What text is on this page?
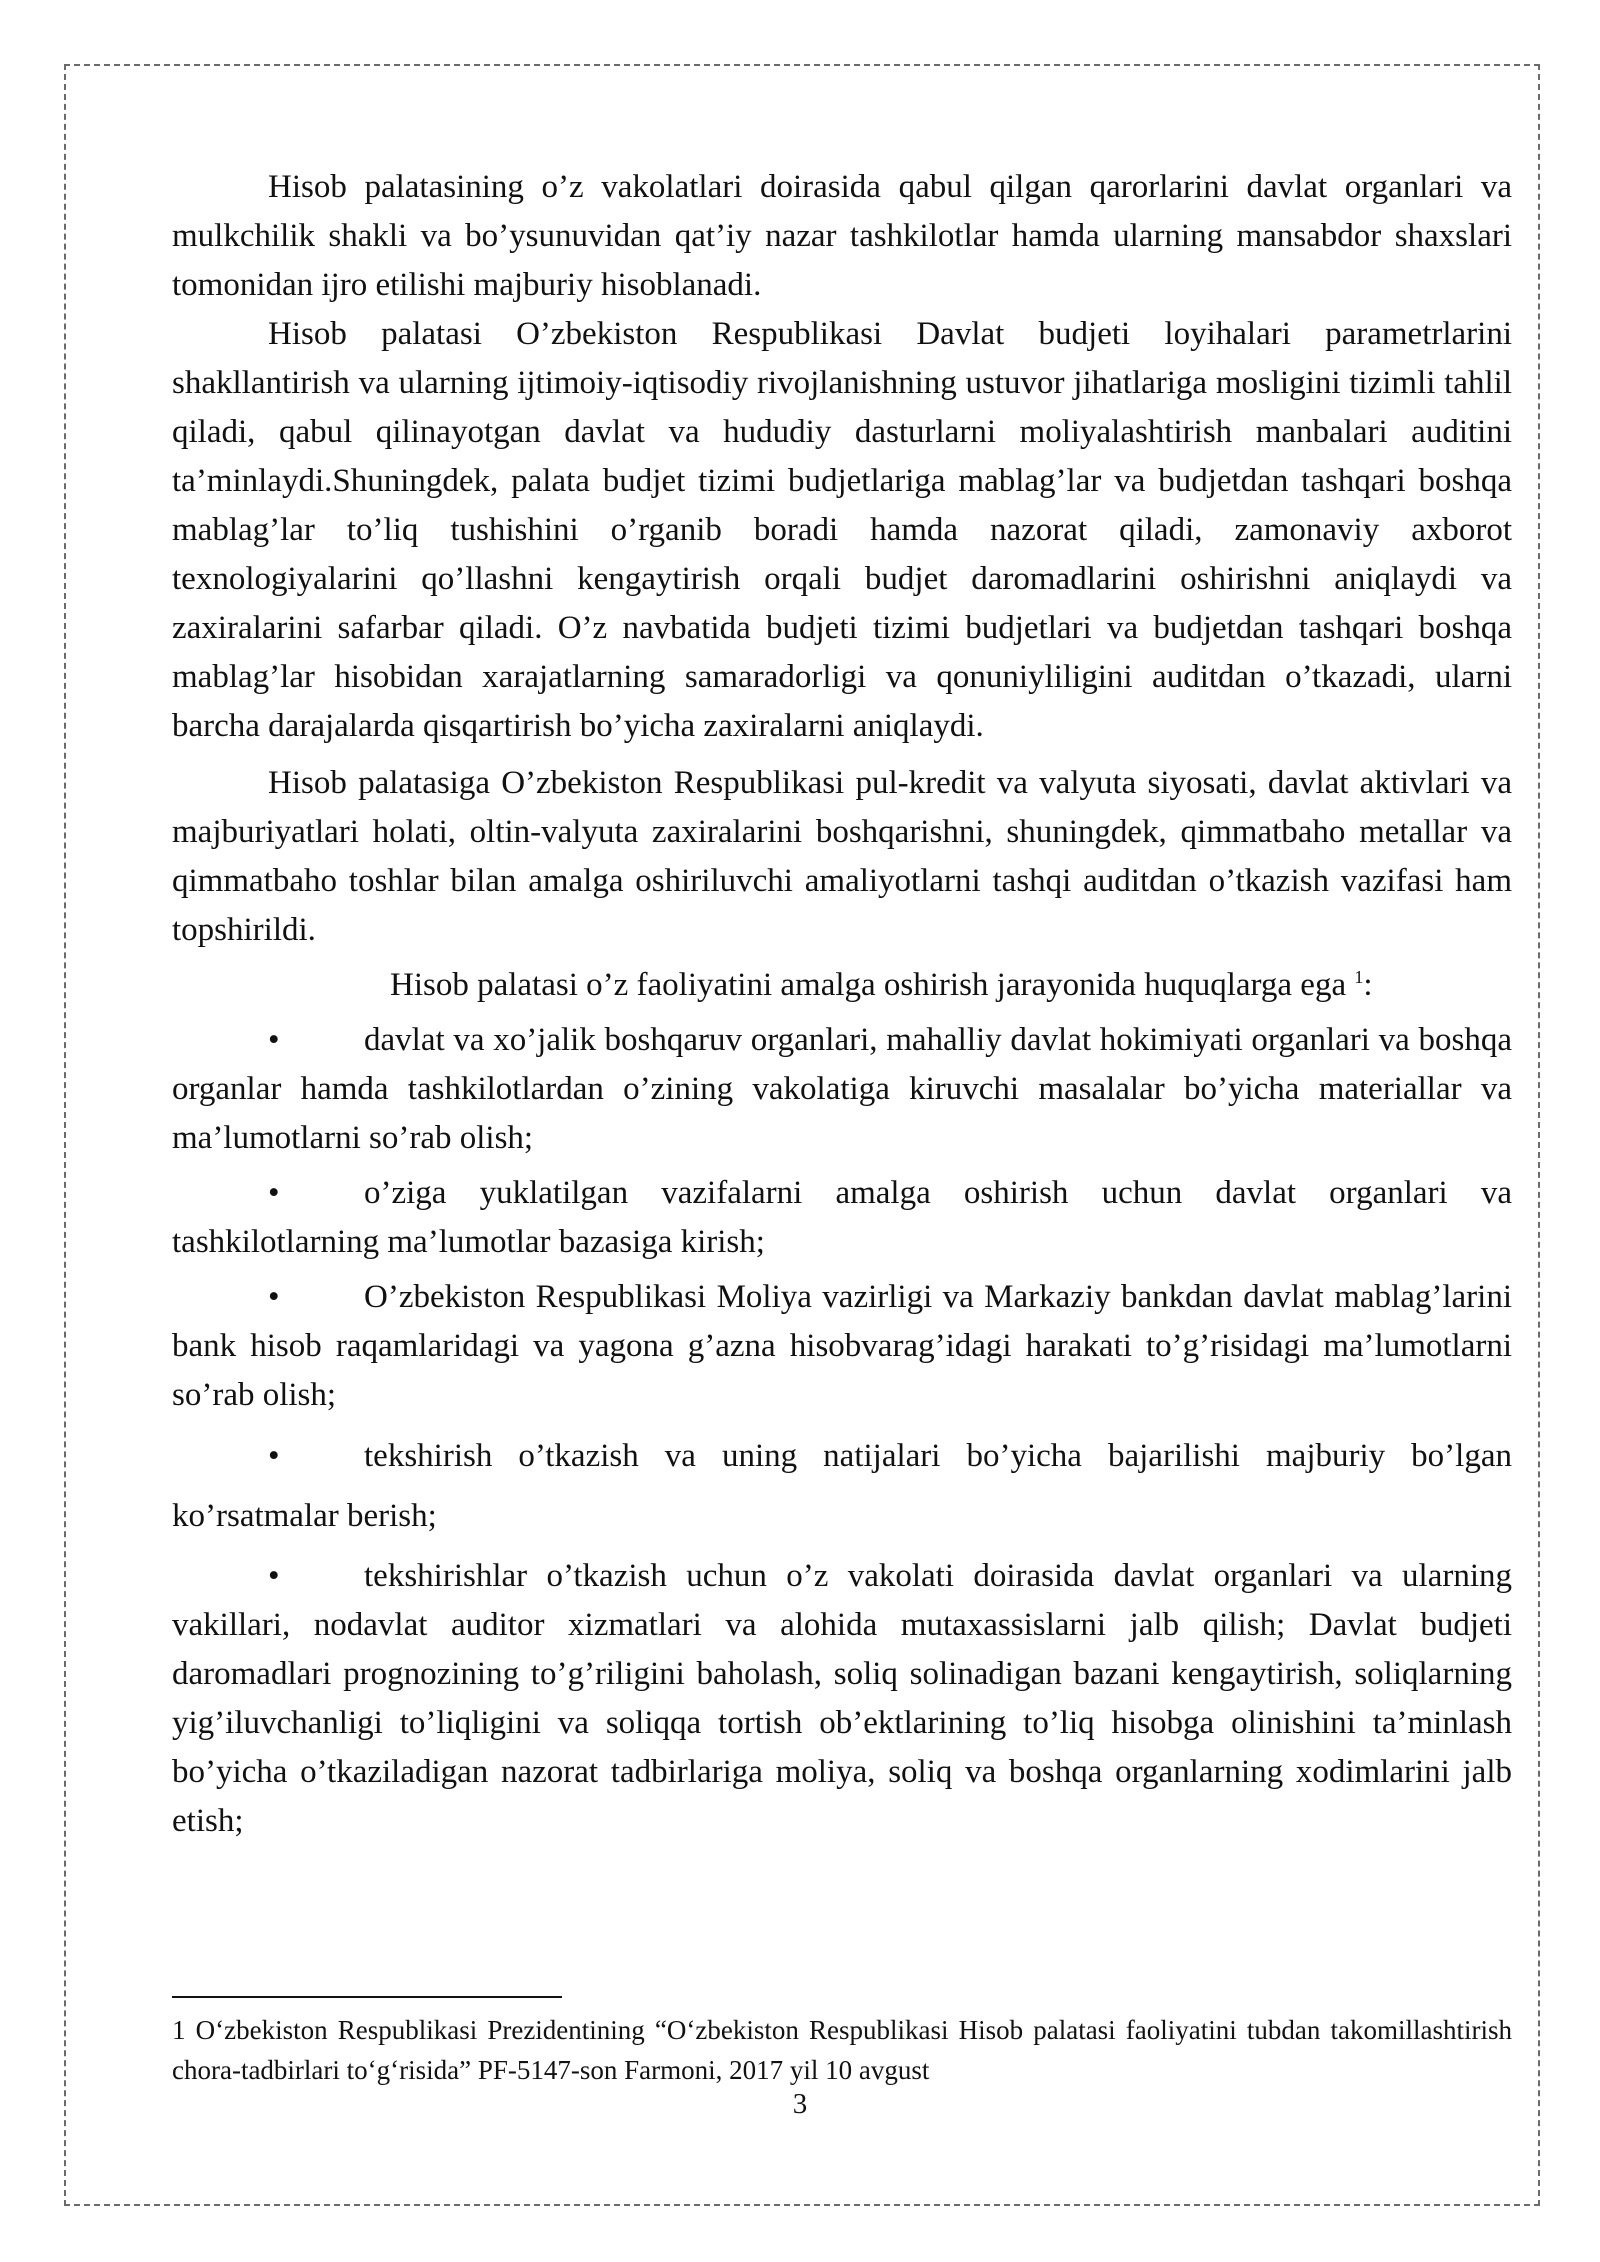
Hisob palatasining o’z vakolatlari doirasida qabul qilgan qarorlarini davlat organlari va mulkchilik shakli va bo’ysunuvidan qat’iy nazar tashkilotlar hamda ularning mansabdor shaxslari tomonidan ijro etilishi majburiy hisoblanadi.

Hisob palatasi O’zbekiston Respublikasi Davlat budjeti loyihalari parametrlarini shakllantirish va ularning ijtimoiy-iqtisodiy rivojlanishning ustuvor jihatlariga mosligini tizimli tahlil qiladi, qabul qilinayotgan davlat va hududiy dasturlarni moliyalashtirish manbalari auditini ta’minlaydi.Shuningdek, palata budjet tizimi budjetlariga mablag’lar va budjetdan tashqari boshqa mablag’lar to’liq tushishini o’rganib boradi hamda nazorat qiladi, zamonaviy axborot texnologiyalarini qo’llashni kengaytirish orqali budjet daromadlarini oshirishni aniqlaydi va zaxiralarini safarbar qiladi. O’z navbatida budjeti tizimi budjetlari va budjetdan tashqari boshqa mablag’lar hisobidan xarajatlarning samaradorligi va qonuniyliligini auditdan o’tkazadi, ularni barcha darajalarda qisqartirish bo’yicha zaxiralarni aniqlaydi.

Hisob palatasiga O’zbekiston Respublikasi pul-kredit va valyuta siyosati, davlat aktivlari va majburiyatlari holati, oltin-valyuta zaxiralarini boshqarishni, shuningdek, qimmatbaho metallar va qimmatbaho toshlar bilan amalga oshiriluvchi amaliyotlarni tashqi auditdan o’tkazish vazifasi ham topshirildi.

Hisob palatasi o’z faoliyatini amalga oshirish jarayonida huquqlarga ega $^1$:

•	davlat va xo’jalik boshqaruv organlari, mahalliy davlat hokimiyati organlari va boshqa organlar hamda tashkilotlardan o’zining vakolatiga kiruvchi masalalar bo’yicha materiallar va ma’lumotlarni so’rab olish;

•	o’ziga yuklatilgan vazifalarni amalga oshirish uchun davlat organlari va tashkilotlarning ma’lumotlar bazasiga kirish;

•	O’zbekiston Respublikasi Moliya vazirligi va Markaziy bankdan davlat mablag’larini bank hisob raqamlaridagi va yagona g’azna hisobvarag’idagi harakati to’g’risidagi ma’lumotlarni so’rab olish;

•	tekshirish o’tkazish va uning natijalari bo’yicha bajarilishi majburiy bo’lgan ko’rsatmalar berish;

•	tekshirishlar o’tkazish uchun o’z vakolati doirasida davlat organlari va ularning vakillari, nodavlat auditor xizmatlari va alohida mutaxassislarni jalb qilish; Davlat budjeti daromadlari prognozining to’g’riligini baholash, soliq solinadigan bazani kengaytirish, soliqlarning yig’iluvchanligi to’liqligini va soliqqa tortish ob’ektlarining to’liq hisobga olinishini ta’minlash bo’yicha o’tkaziladigan nazorat tadbirlariga moliya, soliq va boshqa organlarning xodimlarini jalb etish;

1 O‘zbekiston Respublikasi Prezidentining “O‘zbekiston Respublikasi Hisob palatasi faoliyatini tubdan takomillashtirish chora-tadbirlari to‘g‘risida” PF-5147-son Farmoni, 2017 yil 10 avgust

3
